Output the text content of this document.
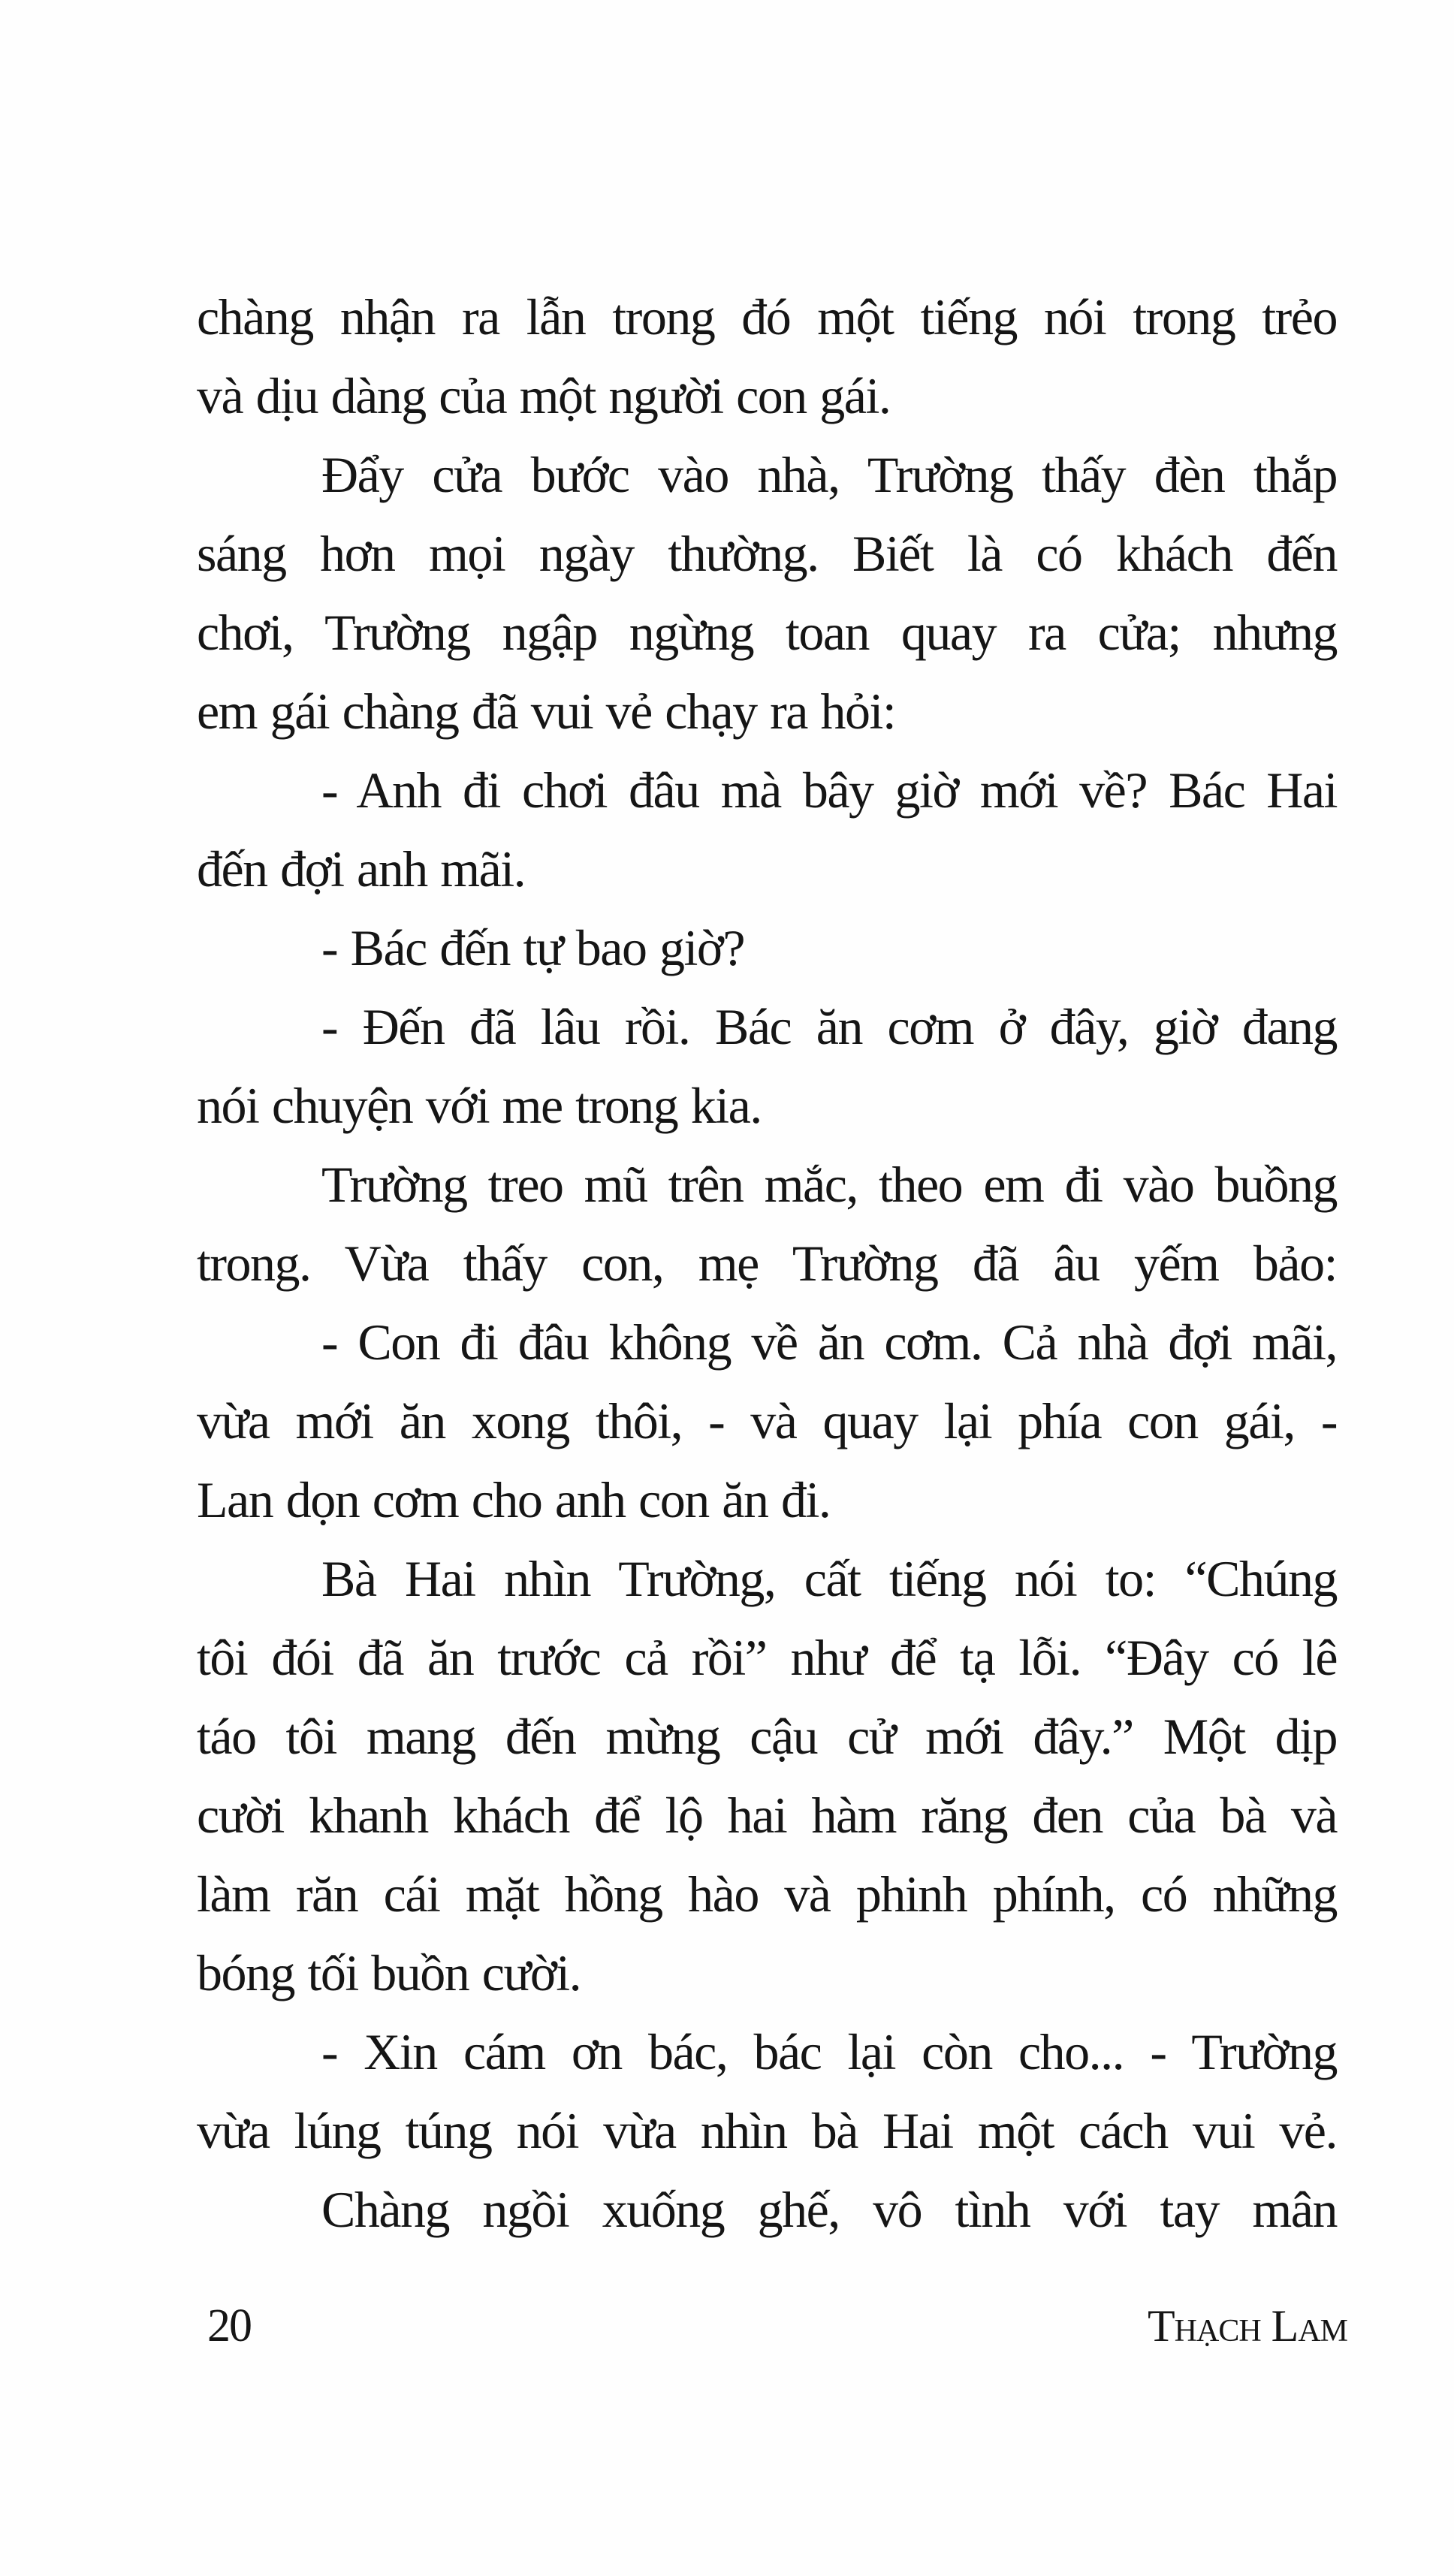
chàng nhận ra lẫn trong đó một tiếng nói trong trẻo
và dịu dàng của một người con gái.
Đẩy cửa bước vào nhà, Trường thấy đèn thắp
sáng hơn mọi ngày thường. Biết là có khách đến
chơi, Trường ngập ngừng toan quay ra cửa; nhưng
em gái chàng đã vui vẻ chạy ra hỏi:
- Anh đi chơi đâu mà bây giờ mới về? Bác Hai
đến đợi anh mãi.
- Bác đến tự bao giờ?
- Đến đã lâu rồi. Bác ăn cơm ở đây, giờ đang
nói chuyện với me trong kia.
Trường treo mũ trên mắc, theo em đi vào buồng
trong. Vừa thấy con, mẹ Trường đã âu yếm bảo:
- Con đi đâu không về ăn cơm. Cả nhà đợi mãi,
vừa mới ăn xong thôi, - và quay lại phía con gái, -
Lan dọn cơm cho anh con ăn đi.
Bà Hai nhìn Trường, cất tiếng nói to: “Chúng
tôi đói đã ăn trước cả rồi” như để tạ lỗi. “Đây có lê
táo tôi mang đến mừng cậu cử mới đây.” Một dịp
cười khanh khách để lộ hai hàm răng đen của bà và
làm răn cái mặt hồng hào và phinh phính, có những
bóng tối buồn cười.
- Xin cám ơn bác, bác lại còn cho... - Trường
vừa lúng túng nói vừa nhìn bà Hai một cách vui vẻ.
Chàng ngồi xuống ghế, vô tình với tay mân
20	Thạch Lam
